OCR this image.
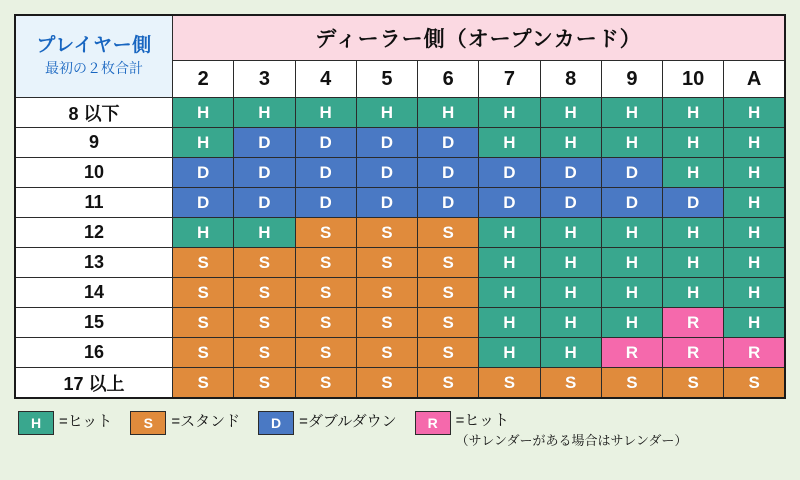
プレイヤー側
最初の２枚合計	ディーラー側（オープンカード）									
	2	3	4	5	6	7	8	9	10	A
8 以下	H	H	H	H	H	H	H	H	H	H
9	H	D	D	D	D	H	H	H	H	H
10	D	D	D	D	D	D	D	D	H	H
11	D	D	D	D	D	D	D	D	D	H
12	H	H	S	S	S	H	H	H	H	H
13	S	S	S	S	S	H	H	H	H	H
14	S	S	S	S	S	H	H	H	H	H
15	S	S	S	S	S	H	H	H	R	H
16	S	S	S	S	S	H	H	R	R	R
17 以上	S	S	S	S	S	S	S	S	S	S
H	=ヒット	S	=スタンド	D	=ダブルダウン	R	=ヒット
（サレンダーがある場合はサレンダー）
